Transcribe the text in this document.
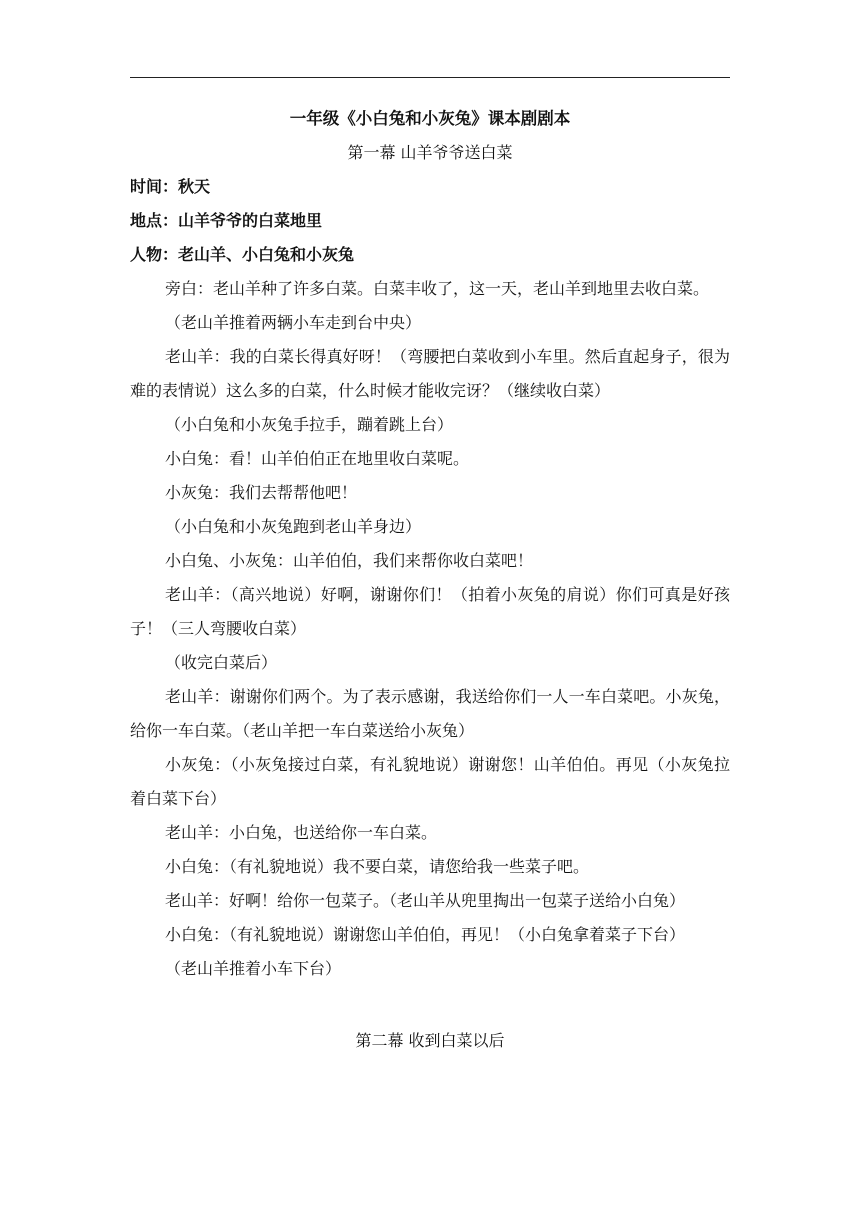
一年级《小白兔和小灰兔》课本剧剧本

第一幕 山羊爷爷送白菜

时间：秋天

地点：山羊爷爷的白菜地里

人物：老山羊、小白兔和小灰兔

旁白：老山羊种了许多白菜。白菜丰收了，这一天，老山羊到地里去收白菜。

（老山羊推着两辆小车走到台中央）

老山羊：我的白菜长得真好呀！（弯腰把白菜收到小车里。然后直起身子，很为难的表情说）这么多的白菜，什么时候才能收完讶？（继续收白菜）

（小白兔和小灰兔手拉手，蹦着跳上台）

小白兔：看！山羊伯伯正在地里收白菜呢。

小灰兔：我们去帮帮他吧！

（小白兔和小灰兔跑到老山羊身边）

小白兔、小灰兔：山羊伯伯，我们来帮你收白菜吧！

老山羊：（高兴地说）好啊，谢谢你们！（拍着小灰兔的肩说）你们可真是好孩子！（三人弯腰收白菜）

（收完白菜后）

老山羊：谢谢你们两个。为了表示感谢，我送给你们一人一车白菜吧。小灰兔，给你一车白菜。（老山羊把一车白菜送给小灰兔）

小灰兔：（小灰兔接过白菜，有礼貌地说）谢谢您！山羊伯伯。再见（小灰兔拉着白菜下台）

老山羊：小白兔，也送给你一车白菜。

小白兔：（有礼貌地说）我不要白菜，请您给我一些菜子吧。

老山羊：好啊！给你一包菜子。（老山羊从兜里掏出一包菜子送给小白兔）

小白兔：（有礼貌地说）谢谢您山羊伯伯，再见！（小白兔拿着菜子下台）

（老山羊推着小车下台）

第二幕 收到白菜以后
